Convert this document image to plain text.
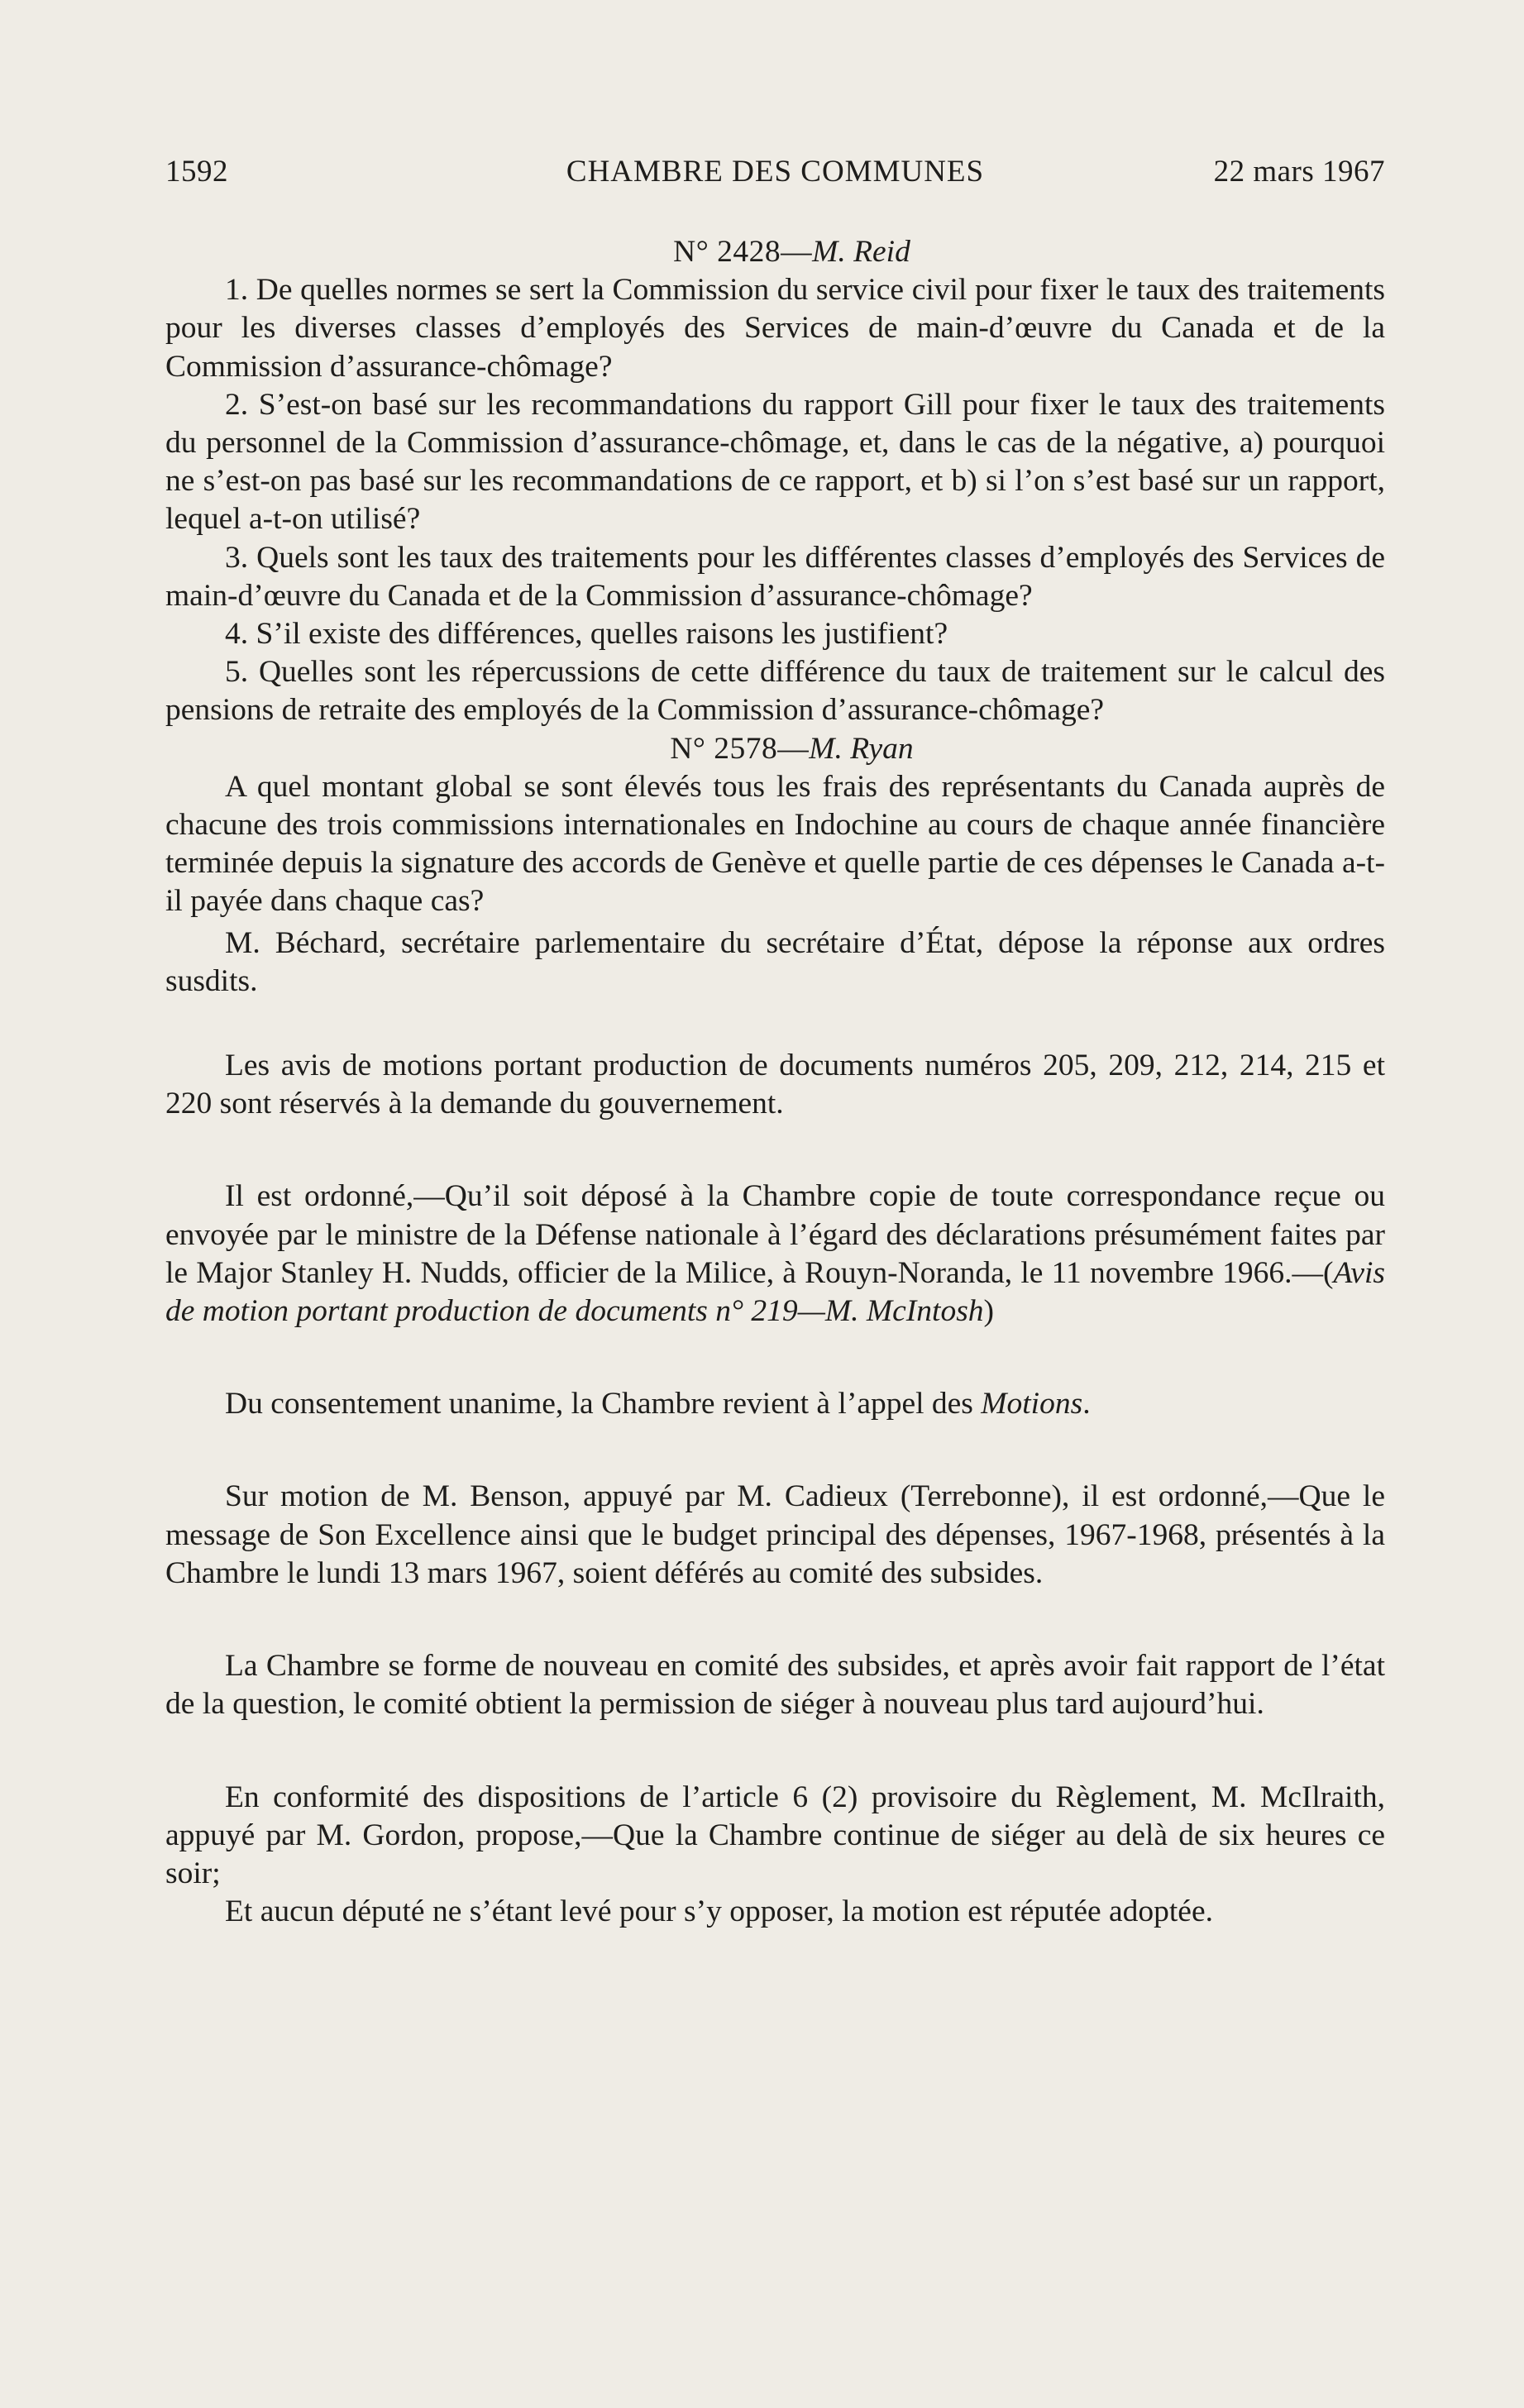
1592	CHAMBRE DES COMMUNES	22 mars 1967

N° 2428—M. Reid

1. De quelles normes se sert la Commission du service civil pour fixer le taux des traitements pour les diverses classes d’employés des Services de main-d’œuvre du Canada et de la Commission d’assurance-chômage?

2. S’est-on basé sur les recommandations du rapport Gill pour fixer le taux des traitements du personnel de la Commission d’assurance-chômage, et, dans le cas de la négative, a) pourquoi ne s’est-on pas basé sur les recommandations de ce rapport, et b) si l’on s’est basé sur un rapport, lequel a-t-on utilisé?

3. Quels sont les taux des traitements pour les différentes classes d’employés des Services de main-d’œuvre du Canada et de la Commission d’assurance-chômage?

4. S’il existe des différences, quelles raisons les justifient?

5. Quelles sont les répercussions de cette différence du taux de traitement sur le calcul des pensions de retraite des employés de la Commission d’assurance-chômage?

N° 2578—M. Ryan

A quel montant global se sont élevés tous les frais des représentants du Canada auprès de chacune des trois commissions internationales en Indochine au cours de chaque année financière terminée depuis la signature des accords de Genève et quelle partie de ces dépenses le Canada a-t-il payée dans chaque cas?

M. Béchard, secrétaire parlementaire du secrétaire d’État, dépose la réponse aux ordres susdits.

Les avis de motions portant production de documents numéros 205, 209, 212, 214, 215 et 220 sont réservés à la demande du gouvernement.

Il est ordonné,—Qu’il soit déposé à la Chambre copie de toute correspondance reçue ou envoyée par le ministre de la Défense nationale à l’égard des déclarations présumément faites par le Major Stanley H. Nudds, officier de la Milice, à Rouyn-Noranda, le 11 novembre 1966.—(Avis de motion portant production de documents n° 219—M. McIntosh)

Du consentement unanime, la Chambre revient à l’appel des Motions.

Sur motion de M. Benson, appuyé par M. Cadieux (Terrebonne), il est ordonné,—Que le message de Son Excellence ainsi que le budget principal des dépenses, 1967-1968, présentés à la Chambre le lundi 13 mars 1967, soient déférés au comité des subsides.

La Chambre se forme de nouveau en comité des subsides, et après avoir fait rapport de l’état de la question, le comité obtient la permission de siéger à nouveau plus tard aujourd’hui.

En conformité des dispositions de l’article 6 (2) provisoire du Règlement, M. McIlraith, appuyé par M. Gordon, propose,—Que la Chambre continue de siéger au delà de six heures ce soir;

Et aucun député ne s’étant levé pour s’y opposer, la motion est réputée adoptée.
